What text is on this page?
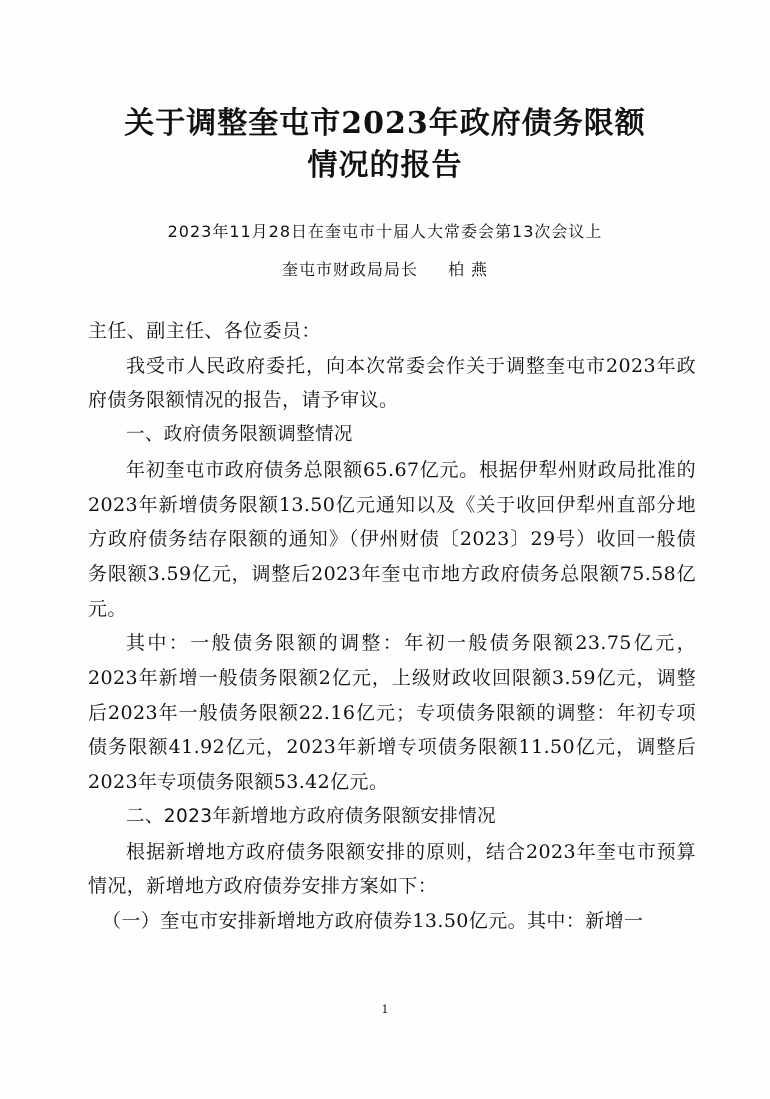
关于调整奎屯市2023年政府债务限额
情况的报告
2023年11月28日在奎屯市十届人大常委会第13次会议上
奎屯市财政局局长 柏 燕

主任、副主任、各位委员：

我受市人民政府委托，向本次常委会作关于调整奎屯市2023年政府债务限额情况的报告，请予审议。

一、政府债务限额调整情况

年初奎屯市政府债务总限额65.67亿元。根据伊犁州财政局批准的2023年新增债务限额13.50亿元通知以及《关于收回伊犁州直部分地方政府债务结存限额的通知》（伊州财债〔2023〕29号）收回一般债务限额3.59亿元，调整后2023年奎屯市地方政府债务总限额75.58亿元。

其中：一般债务限额的调整：年初一般债务限额23.75亿元，2023年新增一般债务限额2亿元，上级财政收回限额3.59亿元，调整后2023年一般债务限额22.16亿元；专项债务限额的调整：年初专项债务限额41.92亿元，2023年新增专项债务限额11.50亿元，调整后2023年专项债务限额53.42亿元。

二、2023年新增地方政府债务限额安排情况

根据新增地方政府债务限额安排的原则，结合2023年奎屯市预算情况，新增地方政府债券安排方案如下：

（一）奎屯市安排新增地方政府债券13.50亿元。其中：新增一

1
